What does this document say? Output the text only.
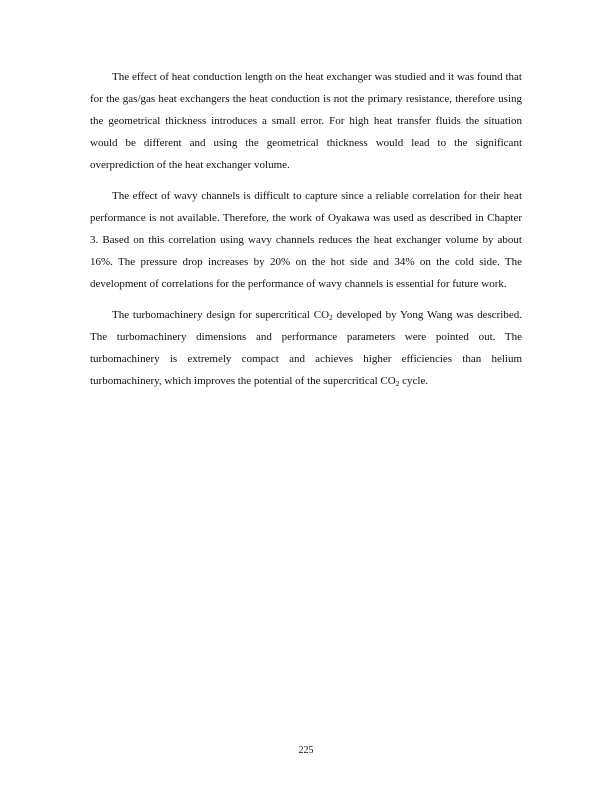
The effect of heat conduction length on the heat exchanger was studied and it was found that for the gas/gas heat exchangers the heat conduction is not the primary resistance, therefore using the geometrical thickness introduces a small error. For high heat transfer fluids the situation would be different and using the geometrical thickness would lead to the significant overprediction of the heat exchanger volume.

The effect of wavy channels is difficult to capture since a reliable correlation for their heat performance is not available. Therefore, the work of Oyakawa was used as described in Chapter 3. Based on this correlation using wavy channels reduces the heat exchanger volume by about 16%. The pressure drop increases by 20% on the hot side and 34% on the cold side. The development of correlations for the performance of wavy channels is essential for future work.

The turbomachinery design for supercritical $CO_2$ developed by Yong Wang was described. The turbomachinery dimensions and performance parameters were pointed out. The turbomachinery is extremely compact and achieves higher efficiencies than helium turbomachinery, which improves the potential of the supercritical $CO_2$ cycle.

225
